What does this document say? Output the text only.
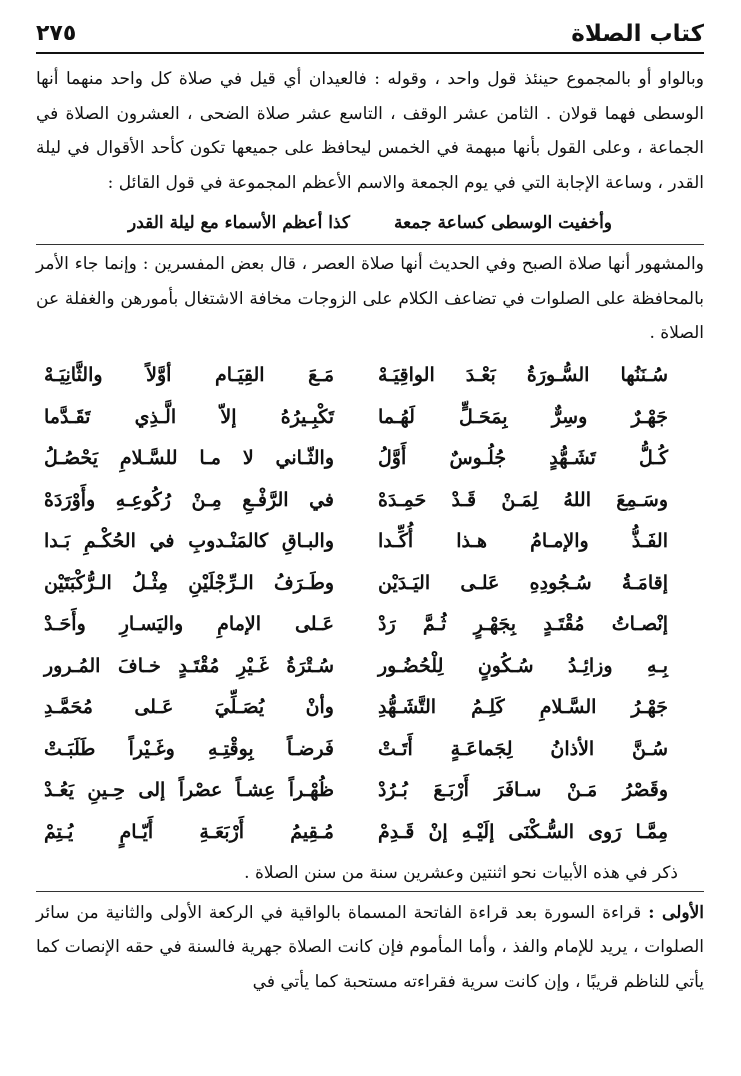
كتاب الصلاة
٢٧٥

وبالواو أو بالمجموع حينئذ قول واحد ، وقوله : فالعيدان أي قيل في صلاة كل واحد منهما أنها الوسطى فهما قولان . الثامن عشر الوقف ، التاسع عشر صلاة الضحى ، العشرون الصلاة في الجماعة ، وعلى القول بأنها مبهمة في الخمس ليحافظ على جميعها تكون كأحد الأقوال في ليلة القدر ، وساعة الإجابة التي في يوم الجمعة والاسم الأعظم المجموعة في قول القائل :

وأخفيت الوسطى كساعة جمعة
كذا أعظم الأسماء مع ليلة القدر

والمشهور أنها صلاة الصبح وفي الحديث أنها صلاة العصر ، قال بعض المفسرين : وإنما جاء الأمر بالمحافظة على الصلوات في تضاعف الكلام على الزوجات مخافة الاشتغال بأمورهن والغفلة عن الصلاة .

سُـنَنُها السُّـورَةُ بَعْـدَ الواقِيَـهْ
مَـعَ القِيَـام أوَّلاً والثَّانِيَـهْ
جَهْـرٌ وسِرٌّ بِمَحَـلٍّ لَهُـما
تَكْبِـيرُهُ إلاّ الَّـذِي تَقَـدَّما
كُـلُّ تَشَـهُّدٍ جُلُـوسٌ أَوَّلُ
والثّـاني لا مـا للسَّـلامِ يَحْصُـلُ
وسَـمِعَ اللهُ لِمَـنْ قَـدْ حَمِـدَهْ
في الرَّفْـعِ مِـنْ رُكُوعِـهِ وأَوْرَدَهْ
الفَـذُّ والإمـامُ هـذا أُكِّـدا
والبـاقِ كالمَنْـدوبِ في الحُكْـمِ بَـدا
إقامَـةُ سُـجُودِهِ عَلـى اليَـدَيْن
وطَـرَفُ الـرِّجْلَيْنِ مِثْـلُ الـرُّكْبَتَيْن
إنْصـاتُ مُقْتَـدٍ بِجَهْـرٍ ثُـمَّ رَدْ
عَـلى الإمامِ واليَسـارِ وأَحَـدْ
بِـهِ وزائِـدُ سُـكُونٍ لِلْحُضُـور
سُـتْرَةُ غَـيْرِ مُقْتَـدٍ خـافَ المُـرور
جَهْـرُ السَّـلامِ كَلِـمُ التَّشَـهُّدِ
وأنْ يُصَـلِّيَ عَـلى مُحَمَّـدِ
سُـنَّ الأذانُ لِجَماعَـةٍ أَتَـتْ
فَرضـاً بِوقْتِـهِ وغَـيْراً طَلَبَـتْ
وقَصْرُ مَـنْ سـافَرَ أَرْبَـعَ بُـرُدْ
ظُهْـراً عِشـاً عصْراً إلى حِـينِ يَعُـدْ
مِمَّـا رَوى السُّـكْنَى إلَيْـهِ إنْ قَـدِمْ
مُـقِيمُ أَرْبَعَـةِ أَيّـامٍ يُـتِمْ

ذكر في هذه الأبيات نحو اثنتين وعشرين سنة من سنن الصلاة .

الأولى : قراءة السورة بعد قراءة الفاتحة المسماة بالواقية في الركعة الأولى والثانية من سائر الصلوات ، يريد للإمام والفذ ، وأما المأموم فإن كانت الصلاة جهرية فالسنة في حقه الإنصات كما يأتي للناظم قريبًا ، وإن كانت سرية فقراءته مستحبة كما يأتي في
